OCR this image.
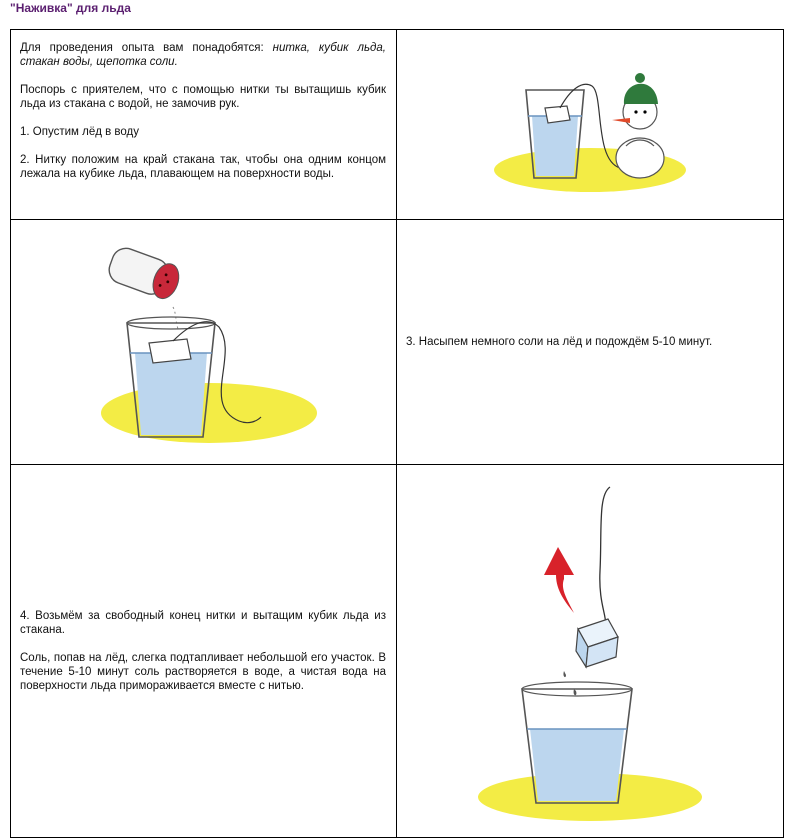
"Наживка" для льда

Для проведения опыта вам понадобятся: нитка, кубик льда, стакан воды, щепотка соли.

Поспорь с приятелем, что с помощью нитки ты вытащишь кубик льда из стакана с водой, не замочив рук.

1. Опустим лёд в воду

2. Нитку положим на край стакана так, чтобы она одним концом лежала на кубике льда, плавающем на поверхности воды.

3. Насыпем немного соли на лёд и подождём 5-10 минут.

4. Возьмём за свободный конец нитки и вытащим кубик льда из стакана.

Соль, попав на лёд, слегка подтапливает небольшой его участок. В течение 5-10 минут соль растворяется в воде, а чистая вода на поверхности льда примораживается вместе с нитью.
